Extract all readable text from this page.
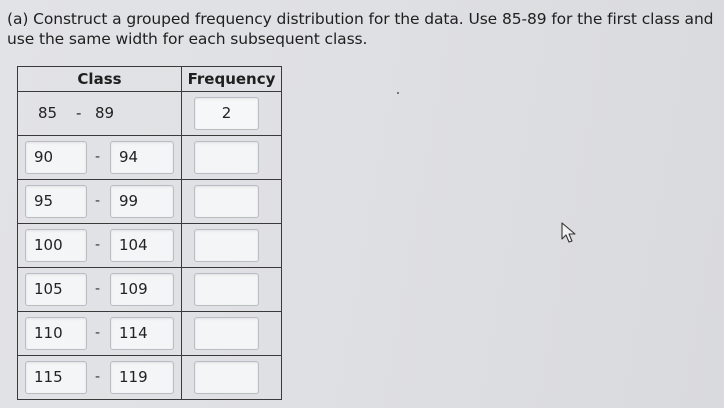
(a) Construct a grouped frequency distribution for the data. Use 85-89 for the first class and use the same width for each subsequent class.
Class	Frequency

85 - 89	2

90 - 94	

95 - 99	

100 - 104	

105 - 109	

110 - 114	

115 - 119	
